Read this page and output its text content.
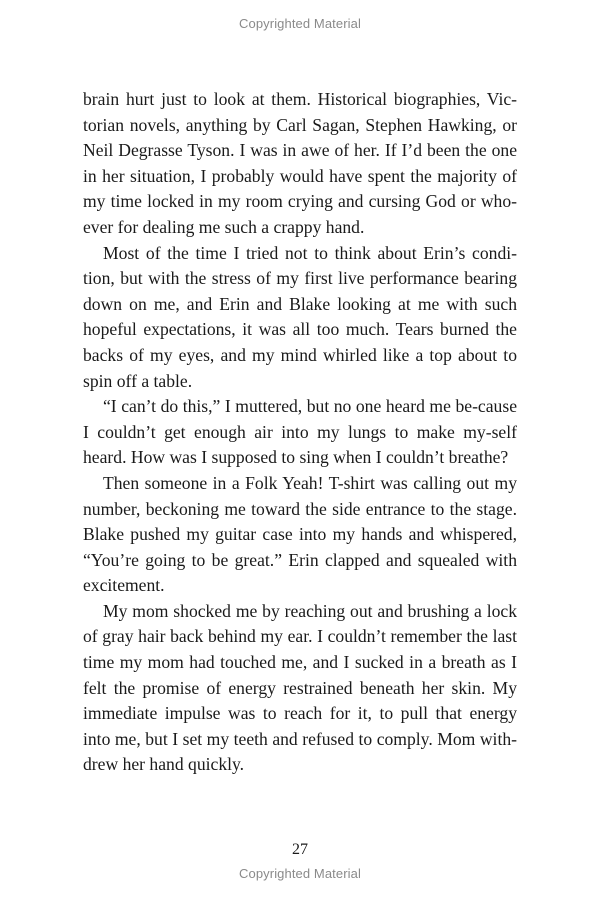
Copyrighted Material

brain hurt just to look at them. Historical biographies, Vic-torian novels, anything by Carl Sagan, Stephen Hawking, or Neil Degrasse Tyson. I was in awe of her. If I’d been the one in her situation, I probably would have spent the majority of my time locked in my room crying and cursing God or who-ever for dealing me such a crappy hand.

Most of the time I tried not to think about Erin’s condi-tion, but with the stress of my first live performance bearing down on me, and Erin and Blake looking at me with such hopeful expectations, it was all too much. Tears burned the backs of my eyes, and my mind whirled like a top about to spin off a table.

“I can’t do this,” I muttered, but no one heard me be-cause I couldn’t get enough air into my lungs to make my-self heard. How was I supposed to sing when I couldn’t breathe?

Then someone in a Folk Yeah! T-shirt was calling out my number, beckoning me toward the side entrance to the stage. Blake pushed my guitar case into my hands and whispered, “You’re going to be great.” Erin clapped and squealed with excitement.

My mom shocked me by reaching out and brushing a lock of gray hair back behind my ear. I couldn’t remember the last time my mom had touched me, and I sucked in a breath as I felt the promise of energy restrained beneath her skin. My immediate impulse was to reach for it, to pull that energy into me, but I set my teeth and refused to comply. Mom with-drew her hand quickly.

27
Copyrighted Material
